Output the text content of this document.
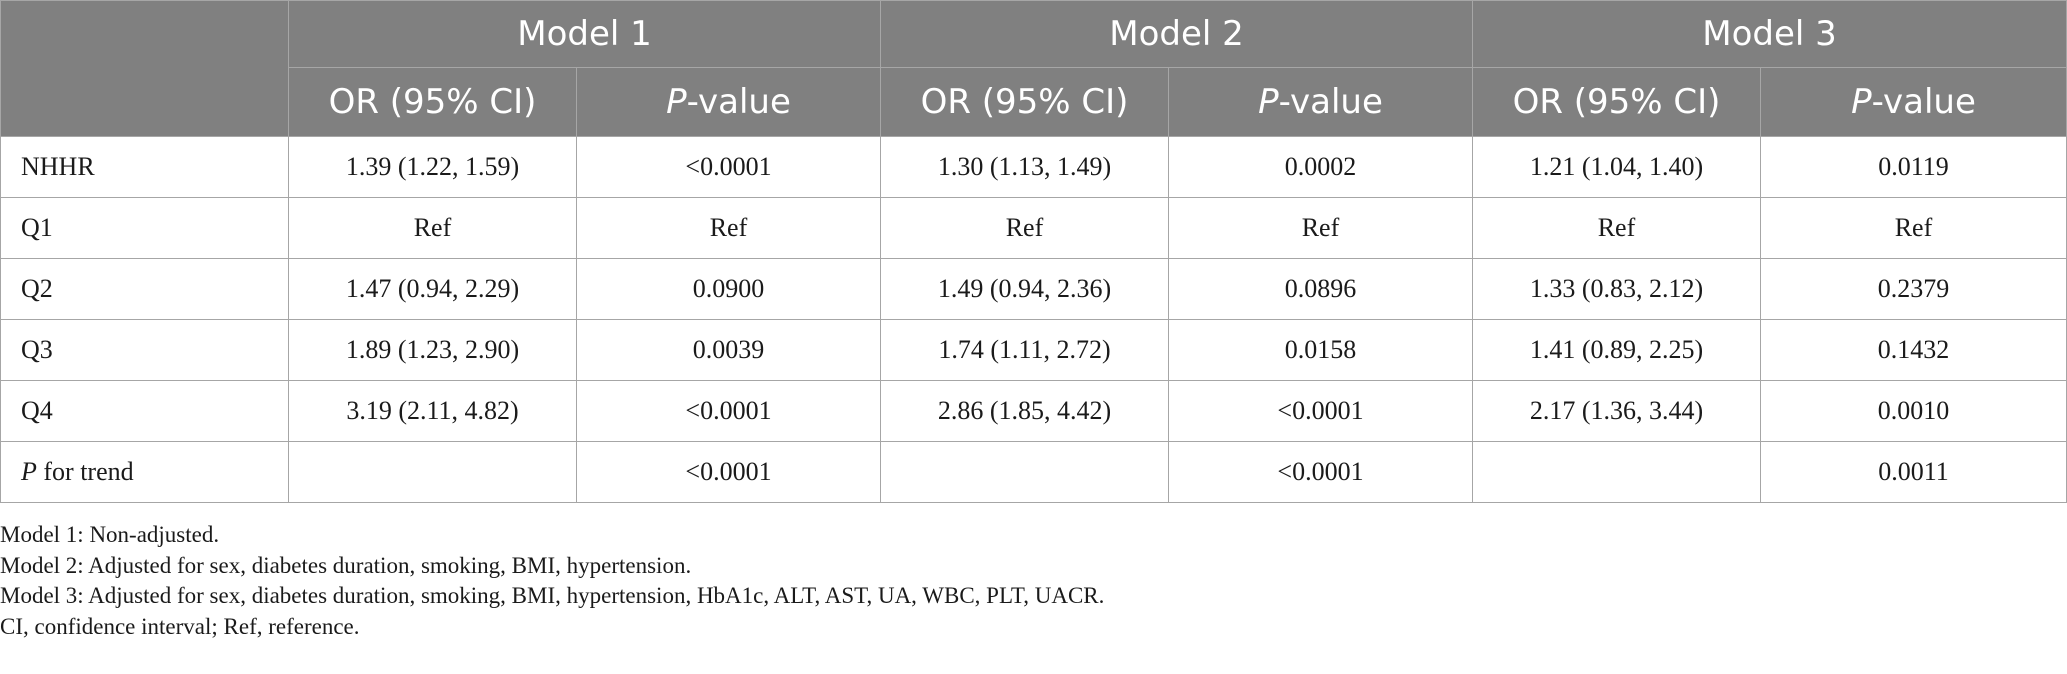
	Model 1		Model 2		Model 3	
	OR (95% CI)	P-value	OR (95% CI)	P-value	OR (95% CI)	P-value
NHHR	1.39 (1.22, 1.59)	<0.0001	1.30 (1.13, 1.49)	0.0002	1.21 (1.04, 1.40)	0.0119
Q1	Ref	Ref	Ref	Ref	Ref	Ref
Q2	1.47 (0.94, 2.29)	0.0900	1.49 (0.94, 2.36)	0.0896	1.33 (0.83, 2.12)	0.2379
Q3	1.89 (1.23, 2.90)	0.0039	1.74 (1.11, 2.72)	0.0158	1.41 (0.89, 2.25)	0.1432
Q4	3.19 (2.11, 4.82)	<0.0001	2.86 (1.85, 4.42)	<0.0001	2.17 (1.36, 3.44)	0.0010
P for trend		<0.0001		<0.0001		0.0011
Model 1: Non-adjusted.
Model 2: Adjusted for sex, diabetes duration, smoking, BMI, hypertension.
Model 3: Adjusted for sex, diabetes duration, smoking, BMI, hypertension, HbA1c, ALT, AST, UA, WBC, PLT, UACR.
CI, confidence interval; Ref, reference.
